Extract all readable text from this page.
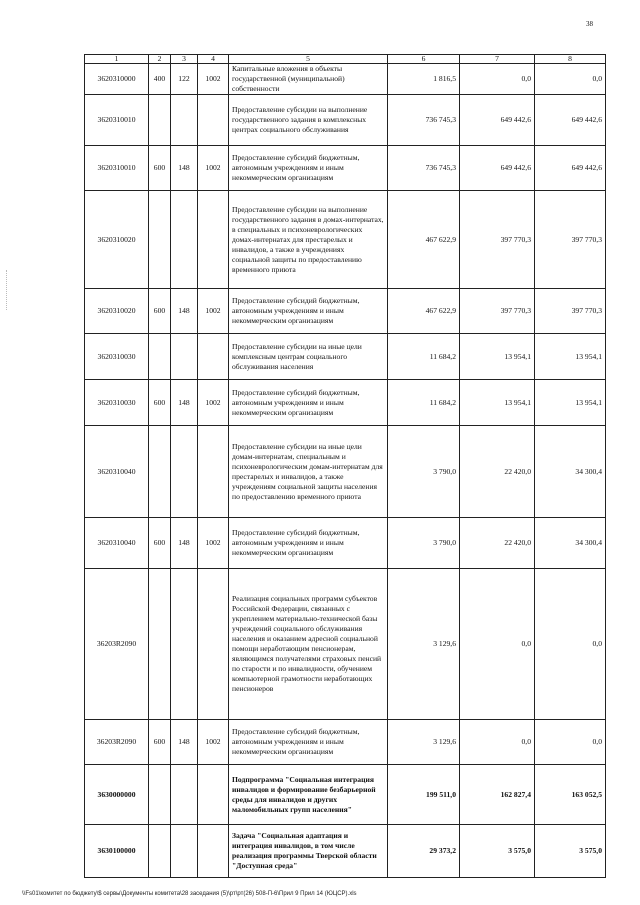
38
1	2	3	4	5	6	7	8
3620310000	400	122	1002	Капитальные вложения в объекты государственной (муниципальной) собственности	1 816,5	0,0	0,0
3620310010				Предоставление субсидии на выполнение государственного задания в комплексных центрах социального обслуживания	736 745,3	649 442,6	649 442,6
3620310010	600	148	1002	Предоставление субсидий бюджетным, автономным учреждениям и иным некоммерческим организациям	736 745,3	649 442,6	649 442,6
3620310020				Предоставление субсидии на выполнение государственного задания в домах-интернатах, в специальных и психоневрологических домах-интернатах для престарелых и инвалидов, а также в учреждениях социальной защиты по предоставлению временного приюта	467 622,9	397 770,3	397 770,3
3620310020	600	148	1002	Предоставление субсидий бюджетным, автономным учреждениям и иным некоммерческим организациям	467 622,9	397 770,3	397 770,3
3620310030				Предоставление субсидии на иные цели комплексным центрам социального обслуживания населения	11 684,2	13 954,1	13 954,1
3620310030	600	148	1002	Предоставление субсидий бюджетным, автономным учреждениям и иным некоммерческим организациям	11 684,2	13 954,1	13 954,1
3620310040				Предоставление субсидии на иные цели домам-интернатам, специальным и психоневрологическим домам-интернатам для престарелых и инвалидов, а также учреждениям социальной защиты населения по предоставлению временного приюта	3 790,0	22 420,0	34 300,4
3620310040	600	148	1002	Предоставление субсидий бюджетным, автономным учреждениям и иным некоммерческим организациям	3 790,0	22 420,0	34 300,4
36203R2090				Реализация социальных программ субъектов Российской Федерации, связанных с укреплением материально-технической базы учреждений социального обслуживания населения и оказанием адресной социальной помощи неработающим пенсионерам, являющимся получателями страховых пенсий по старости и по инвалидности, обучением компьютерной грамотности неработающих пенсионеров	3 129,6	0,0	0,0
36203R2090	600	148	1002	Предоставление субсидий бюджетным, автономным учреждениям и иным некоммерческим организациям	3 129,6	0,0	0,0
3630000000				Подпрограмма "Социальная интеграция инвалидов и формирование безбарьерной среды для инвалидов и других маломобильных групп населения"	199 511,0	162 827,4	163 052,5
3630100000				Задача "Социальная адаптация и интеграция инвалидов, в том числе реализация программы Тверской области "Доступная среда"	29 373,2	3 575,0	3 575,0
\\Fs01\комитет по бюджету\$ сервы\Документы комитета\28 заседания (5)\рт\рт(26) 508-П-6\Прил 9 Прил 14 (ЮЦСР).xls
